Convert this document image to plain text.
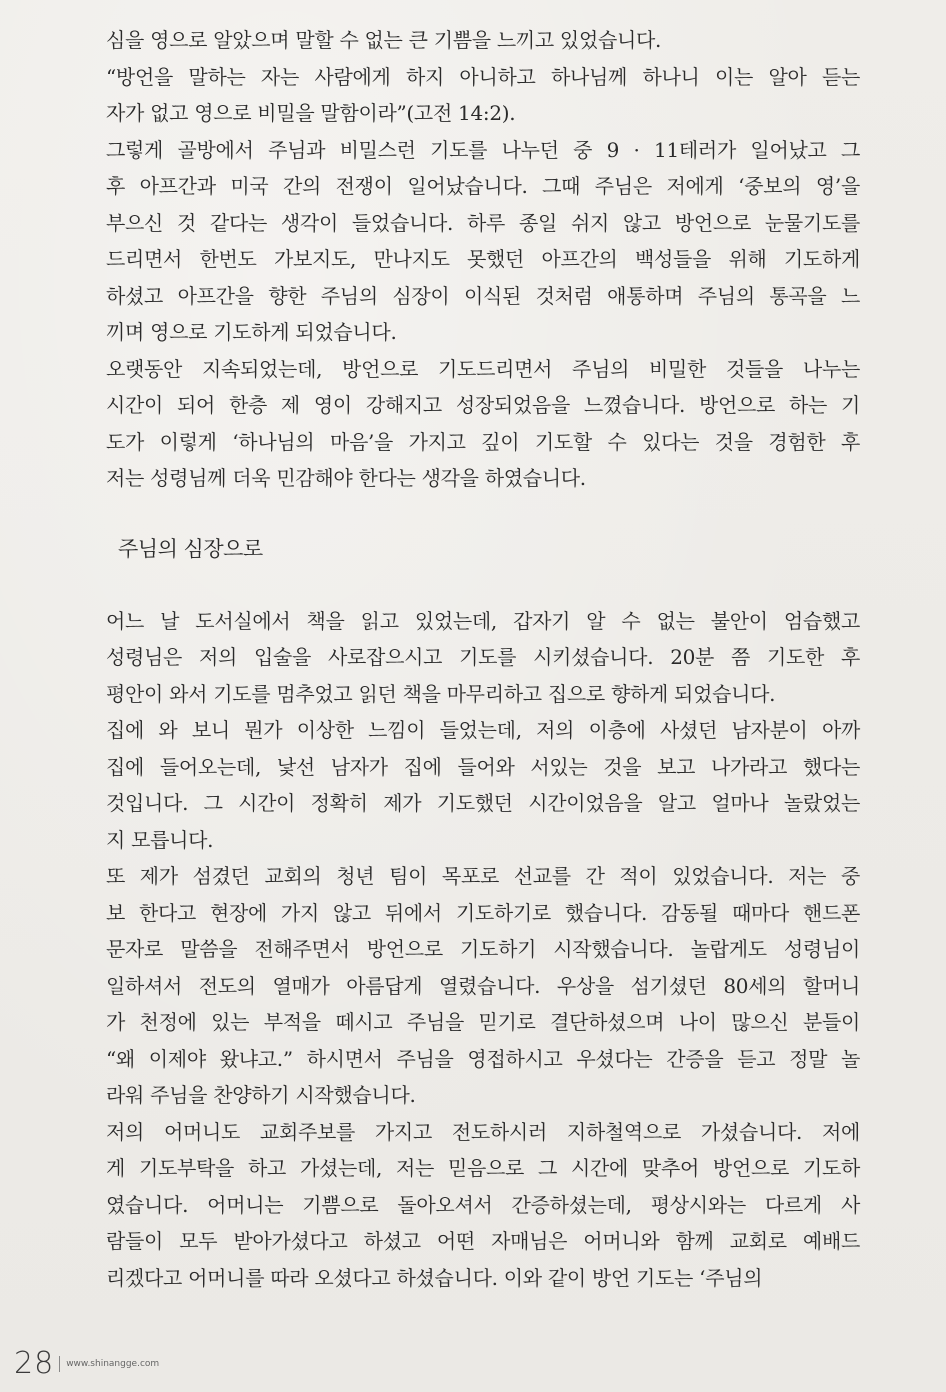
심을 영으로 알았으며 말할 수 없는 큰 기쁨을 느끼고 있었습니다.
“방언을 말하는 자는 사람에게 하지 아니하고 하나님께 하나니 이는 알아 듣는
자가 없고 영으로 비밀을 말함이라”(고전 14:2).
그렇게 골방에서 주님과 비밀스런 기도를 나누던 중 9 · 11테러가 일어났고 그
후 아프간과 미국 간의 전쟁이 일어났습니다. 그때 주님은 저에게 ‘중보의 영’을
부으신 것 같다는 생각이 들었습니다. 하루 종일 쉬지 않고 방언으로 눈물기도를
드리면서 한번도 가보지도, 만나지도 못했던 아프간의 백성들을 위해 기도하게
하셨고 아프간을 향한 주님의 심장이 이식된 것처럼 애통하며 주님의 통곡을 느
끼며 영으로 기도하게 되었습니다.
오랫동안 지속되었는데, 방언으로 기도드리면서 주님의 비밀한 것들을 나누는
시간이 되어 한층 제 영이 강해지고 성장되었음을 느꼈습니다. 방언으로 하는 기
도가 이렇게 ‘하나님의 마음’을 가지고 깊이 기도할 수 있다는 것을 경험한 후
저는 성령님께 더욱 민감해야 한다는 생각을 하였습니다.
주님의 심장으로
어느 날 도서실에서 책을 읽고 있었는데, 갑자기 알 수 없는 불안이 엄습했고
성령님은 저의 입술을 사로잡으시고 기도를 시키셨습니다. 20분 쯤 기도한 후
평안이 와서 기도를 멈추었고 읽던 책을 마무리하고 집으로 향하게 되었습니다.
집에 와 보니 뭔가 이상한 느낌이 들었는데, 저의 이층에 사셨던 남자분이 아까
집에 들어오는데, 낯선 남자가 집에 들어와 서있는 것을 보고 나가라고 했다는
것입니다. 그 시간이 정확히 제가 기도했던 시간이었음을 알고 얼마나 놀랐었는
지 모릅니다.
또 제가 섬겼던 교회의 청년 팀이 목포로 선교를 간 적이 있었습니다. 저는 중
보 한다고 현장에 가지 않고 뒤에서 기도하기로 했습니다. 감동될 때마다 핸드폰
문자로 말씀을 전해주면서 방언으로 기도하기 시작했습니다. 놀랍게도 성령님이
일하셔서 전도의 열매가 아름답게 열렸습니다. 우상을 섬기셨던 80세의 할머니
가 천정에 있는 부적을 떼시고 주님을 믿기로 결단하셨으며 나이 많으신 분들이
“왜 이제야 왔냐고.” 하시면서 주님을 영접하시고 우셨다는 간증을 듣고 정말 놀
라워 주님을 찬양하기 시작했습니다.
저의 어머니도 교회주보를 가지고 전도하시러 지하철역으로 가셨습니다. 저에
게 기도부탁을 하고 가셨는데, 저는 믿음으로 그 시간에 맞추어 방언으로 기도하
였습니다. 어머니는 기쁨으로 돌아오셔서 간증하셨는데, 평상시와는 다르게 사
람들이 모두 받아가셨다고 하셨고 어떤 자매님은 어머니와 함께 교회로 예배드
리겠다고 어머니를 따라 오셨다고 하셨습니다. 이와 같이 방언 기도는 ‘주님의
28 www.shinangge.com
